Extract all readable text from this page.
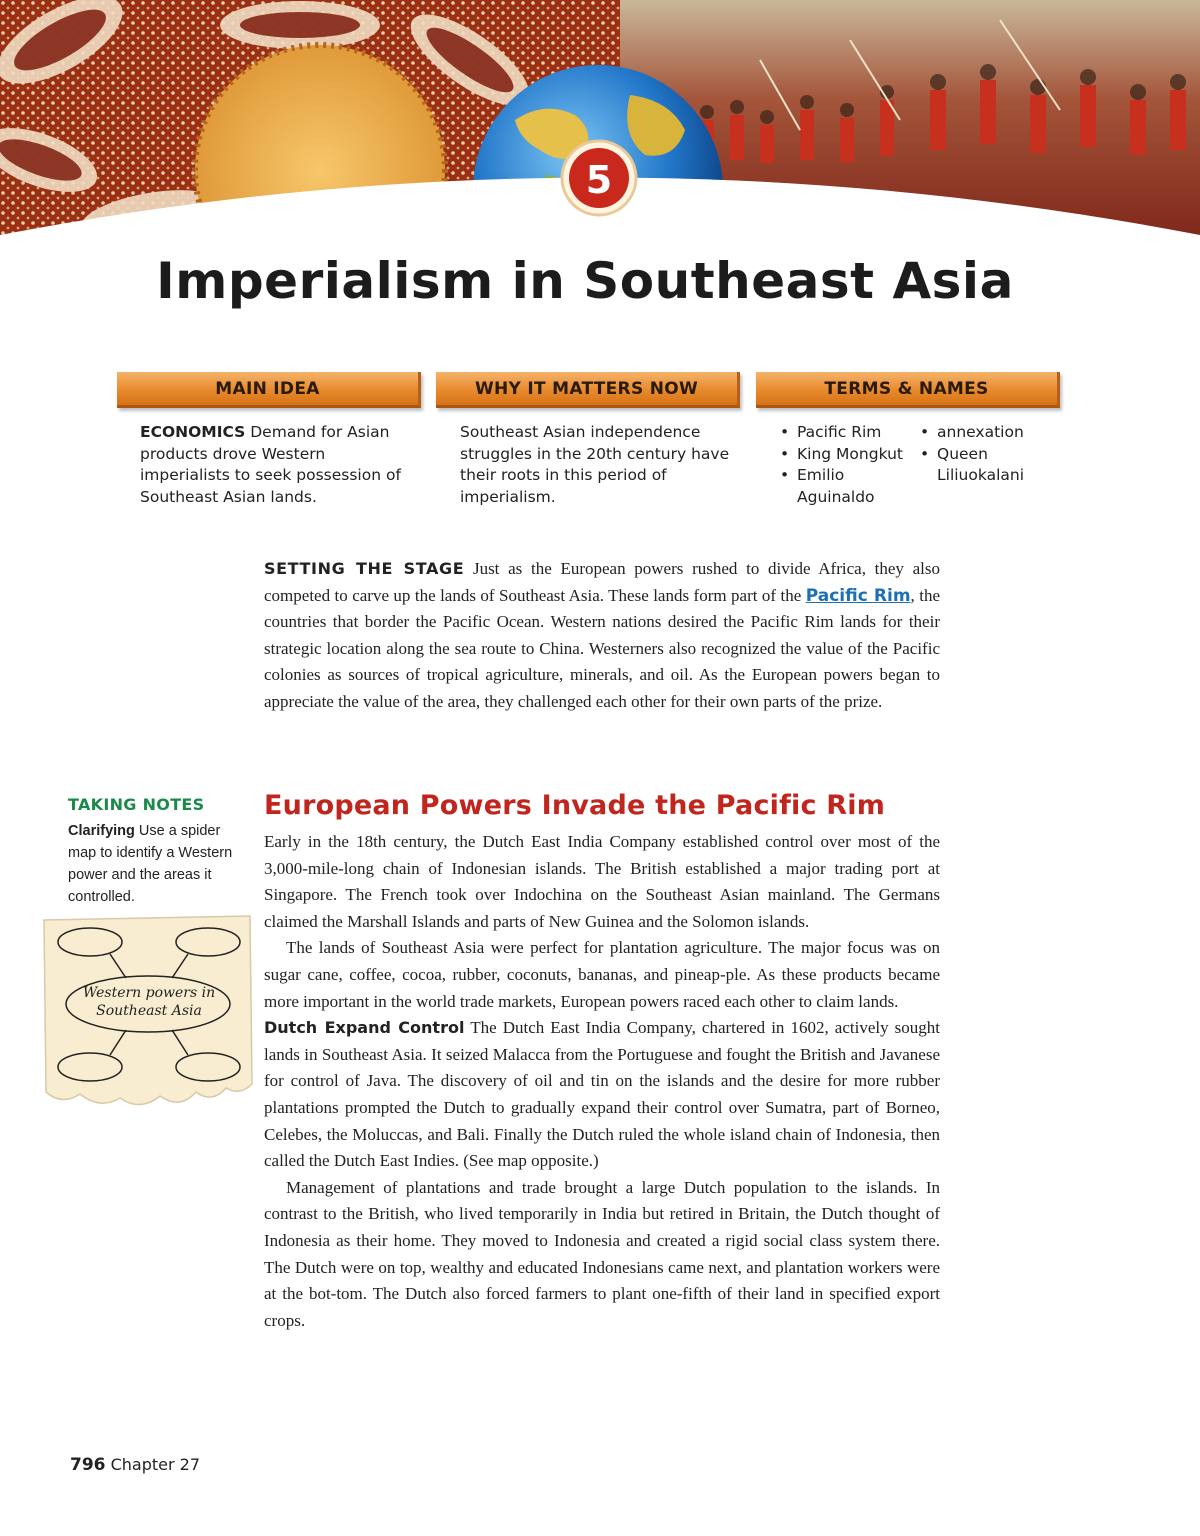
5
Imperialism in Southeast Asia
MAIN IDEA	WHY IT MATTERS NOW	TERMS & NAMES
ECONOMICS Demand for Asian products drove Western imperialists to seek possession of Southeast Asian lands.
Southeast Asian independence struggles in the 20th century have their roots in this period of imperialism.
• Pacific Rim
• King Mongkut
• Emilio Aguinaldo
• annexation
• Queen Liliuokalani

SETTING THE STAGE Just as the European powers rushed to divide Africa, they also competed to carve up the lands of Southeast Asia. These lands form part of the Pacific Rim, the countries that border the Pacific Ocean. Western nations desired the Pacific Rim lands for their strategic location along the sea route to China. Westerners also recognized the value of the Pacific colonies as sources of tropical agriculture, minerals, and oil. As the European powers began to appreciate the value of the area, they challenged each other for their own parts of the prize.

TAKING NOTES
Clarifying Use a spider map to identify a Western power and the areas it controlled.
Western powers in Southeast Asia
European Powers Invade the Pacific Rim

Early in the 18th century, the Dutch East India Company established control over most of the 3,000-mile-long chain of Indonesian islands. The British established a major trading port at Singapore. The French took over Indochina on the Southeast Asian mainland. The Germans claimed the Marshall Islands and parts of New Guinea and the Solomon islands.

The lands of Southeast Asia were perfect for plantation agriculture. The major focus was on sugar cane, coffee, cocoa, rubber, coconuts, bananas, and pineap-ple. As these products became more important in the world trade markets, European powers raced each other to claim lands.

Dutch Expand Control The Dutch East India Company, chartered in 1602, actively sought lands in Southeast Asia. It seized Malacca from the Portuguese and fought the British and Javanese for control of Java. The discovery of oil and tin on the islands and the desire for more rubber plantations prompted the Dutch to gradually expand their control over Sumatra, part of Borneo, Celebes, the Moluccas, and Bali. Finally the Dutch ruled the whole island chain of Indonesia, then called the Dutch East Indies. (See map opposite.)

Management of plantations and trade brought a large Dutch population to the islands. In contrast to the British, who lived temporarily in India but retired in Britain, the Dutch thought of Indonesia as their home. They moved to Indonesia and created a rigid social class system there. The Dutch were on top, wealthy and educated Indonesians came next, and plantation workers were at the bot-tom. The Dutch also forced farmers to plant one-fifth of their land in specified export crops.

796 Chapter 27
